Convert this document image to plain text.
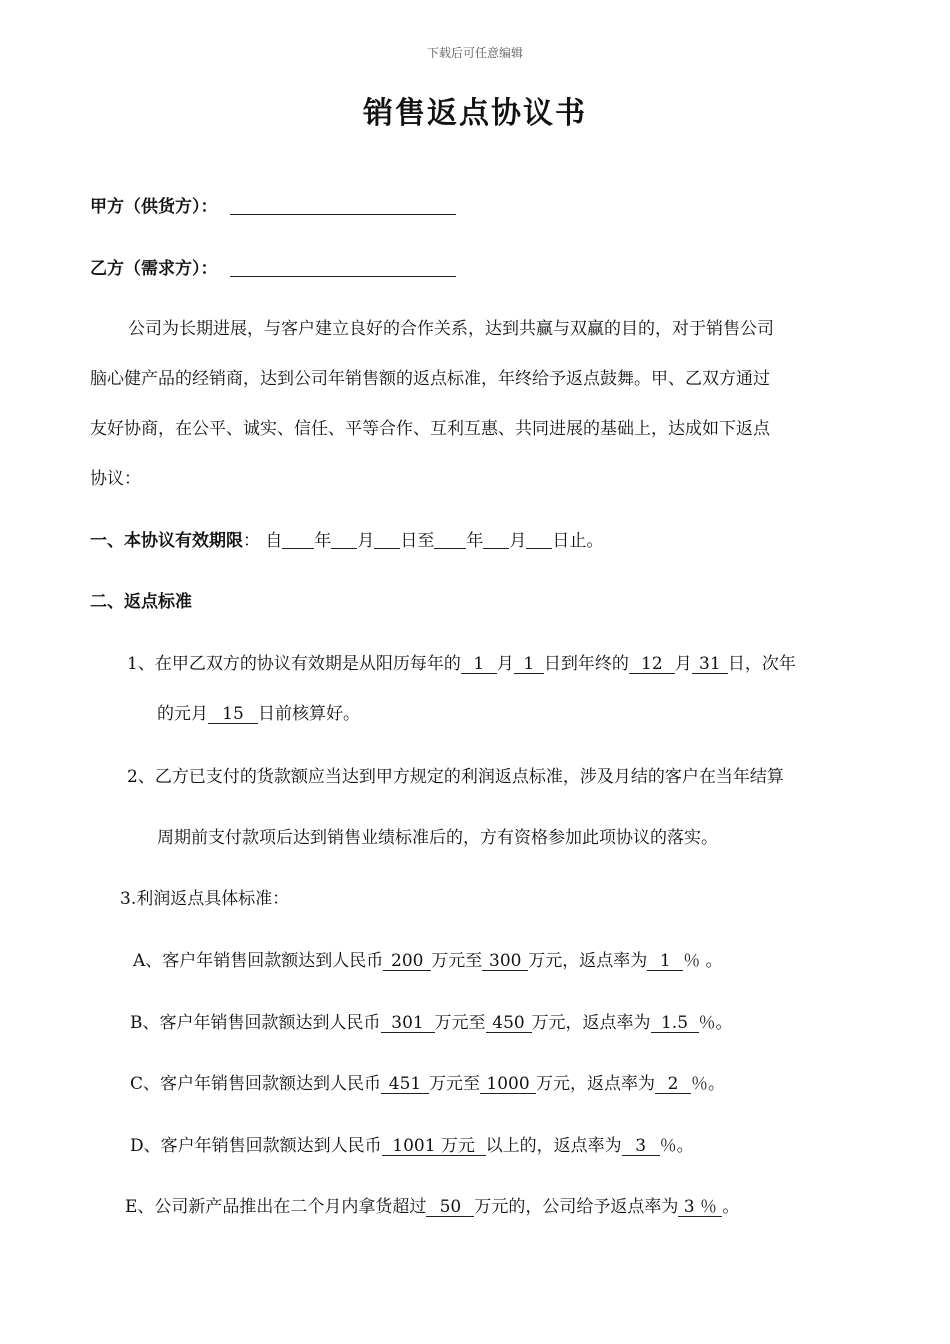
下载后可任意编辑
销售返点协议书
甲方（供货方）：
乙方（需求方）：
公司为长期进展，与客户建立良好的合作关系，达到共赢与双赢的目的，对于销售公司
脑心健产品的经销商，达到公司年销售额的返点标准，年终给予返点鼓舞。甲、乙双方通过
友好协商，在公平、诚实、信任、平等合作、互利互惠、共同进展的基础上，达成如下返点
协议：
一、本协议有效期限： 自 年 月 日至 年 月 日止。
二、返点标准
1、在甲乙双方的协议有效期是从阳历每年的 1 月 1 日到年终的 12 月 31 日，次年
的元月 15 日前核算好。
2、乙方已支付的货款额应当达到甲方规定的利润返点标准，涉及月结的客户在当年结算
周期前支付款项后达到销售业绩标准后的，方有资格参加此项协议的落实。
3.利润返点具体标准：
A、客户年销售回款额达到人民币 200 万元至 300 万元，返点率为 1 ％ 。
B、客户年销售回款额达到人民币 301 万元至 450 万元，返点率为 1.5 ％。
C、客户年销售回款额达到人民币 451 万元至 1000 万元，返点率为 2 ％。
D、客户年销售回款额达到人民币 1001 万元 以上的，返点率为 3 ％。
E、公司新产品推出在二个月内拿货超过 50 万元的，公司给予返点率为 3 ％ 。
